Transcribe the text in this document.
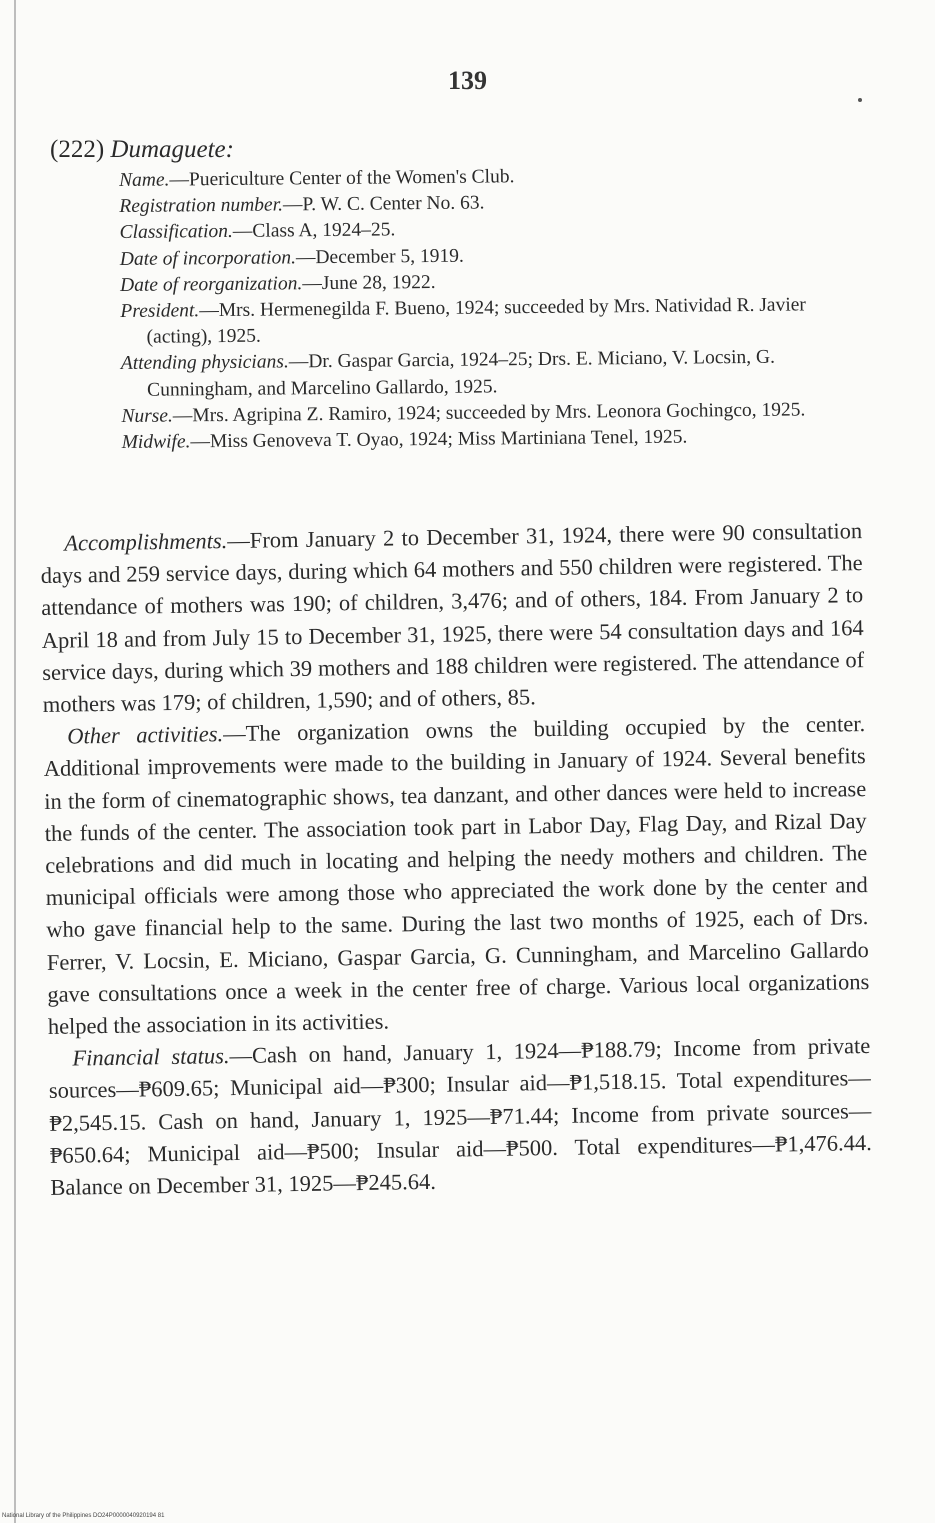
139
(222) Dumaguete:
Name.—Puericulture Center of the Women's Club.
Registration number.—P. W. C. Center No. 63.
Classification.—Class A, 1924–25.
Date of incorporation.—December 5, 1919.
Date of reorganization.—June 28, 1922.
President.—Mrs. Hermenegilda F. Bueno, 1924; succeeded by Mrs. Natividad R. Javier (acting), 1925.
Attending physicians.—Dr. Gaspar Garcia, 1924–25; Drs. E. Miciano, V. Locsin, G. Cunningham, and Marcelino Gallardo, 1925.
Nurse.—Mrs. Agripina Z. Ramiro, 1924; succeeded by Mrs. Leonora Gochingco, 1925.
Midwife.—Miss Genoveva T. Oyao, 1924; Miss Martiniana Tenel, 1925.

Accomplishments.—From January 2 to December 31, 1924, there were 90 consultation days and 259 service days, during which 64 mothers and 550 children were registered. The attendance of mothers was 190; of children, 3,476; and of others, 184. From January 2 to April 18 and from July 15 to December 31, 1925, there were 54 consultation days and 164 service days, during which 39 mothers and 188 children were registered. The attendance of mothers was 179; of children, 1,590; and of others, 85.

Other activities.—The organization owns the building occupied by the center. Additional improvements were made to the building in January of 1924. Several benefits in the form of cinematographic shows, tea danzant, and other dances were held to increase the funds of the center. The association took part in Labor Day, Flag Day, and Rizal Day celebrations and did much in locating and helping the needy mothers and children. The municipal officials were among those who appreciated the work done by the center and who gave financial help to the same. During the last two months of 1925, each of Drs. Ferrer, V. Locsin, E. Miciano, Gaspar Garcia, G. Cunningham, and Marcelino Gallardo gave consultations once a week in the center free of charge. Various local organizations helped the association in its activities.

Financial status.—Cash on hand, January 1, 1924—₱188.79; Income from private sources—₱609.65; Municipal aid—₱300; Insular aid—₱1,518.15. Total expenditures—₱2,545.15. Cash on hand, January 1, 1925—₱71.44; Income from private sources—₱650.64; Municipal aid—₱500; Insular aid—₱500. Total expenditures—₱1,476.44. Balance on December 31, 1925—₱245.64.

National Library of the Philippines DO24P0000040920194 81
